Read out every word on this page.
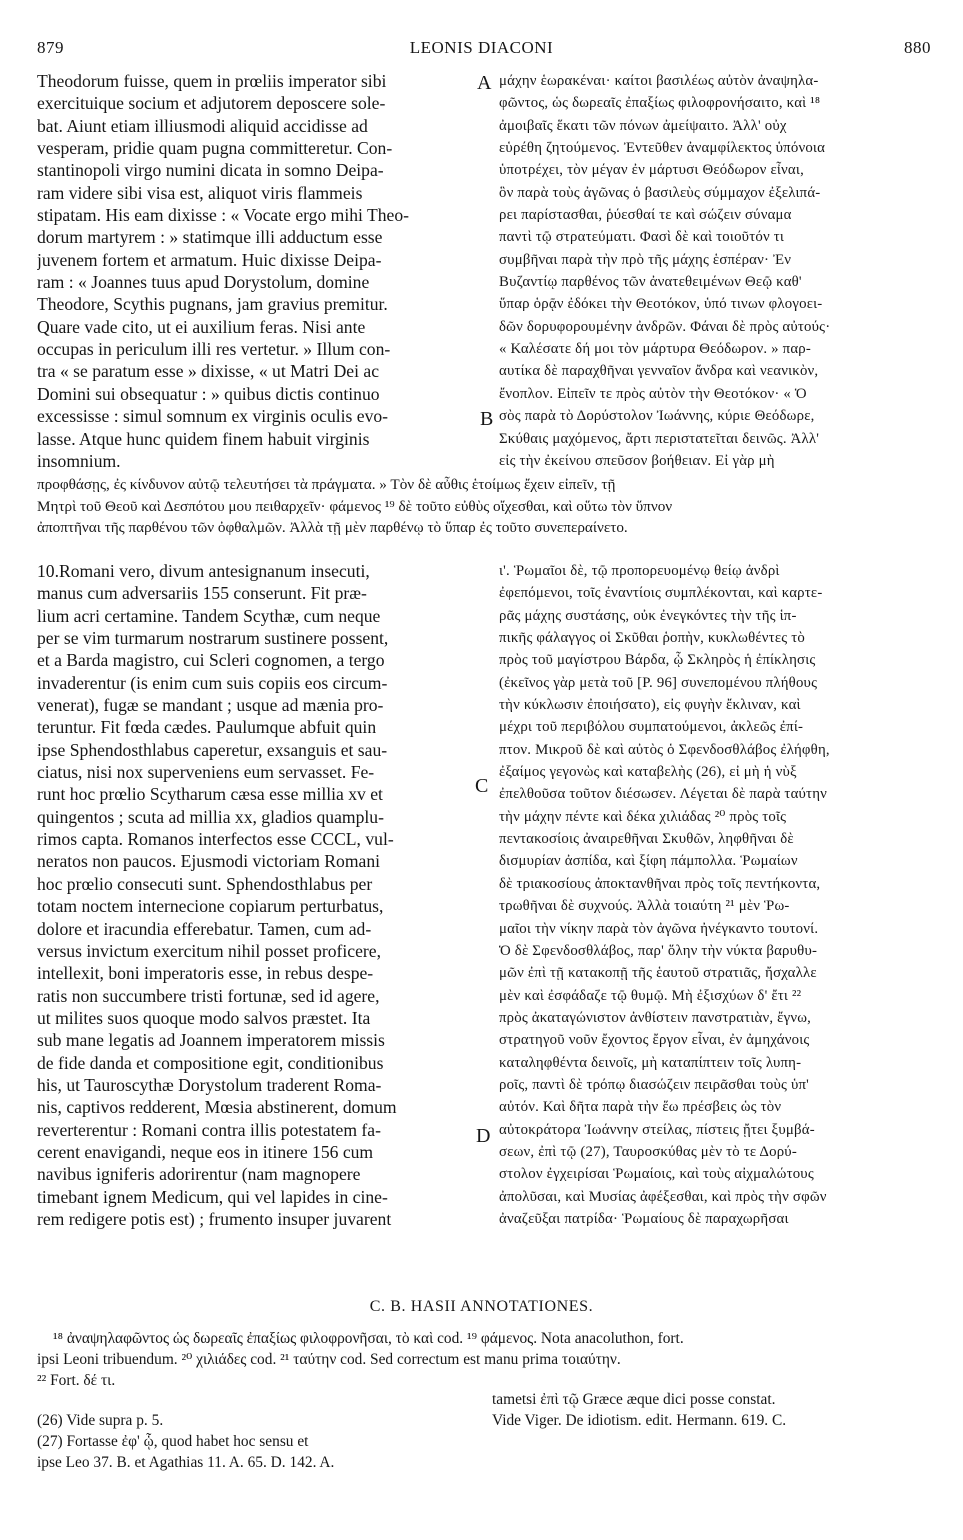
879	LEONIS DIACONI	880
A
B
C
D
Theodorum fuisse, quem in prœliis imperator sibi
exercituique socium et adjutorem deposcere sole-
bat. Aiunt etiam illiusmodi aliquid accidisse ad
vesperam, pridie quam pugna committeretur. Con-
stantinopoli virgo numini dicata in somno Deipa-
ram videre sibi visa est, aliquot viris flammeis
stipatam. His eam dixisse : « Vocate ergo mihi Theo-
dorum martyrem : » statimque illi adductum esse
juvenem fortem et armatum. Huic dixisse Deipa-
ram : « Joannes tuus apud Dorystolum, domine
Theodore, Scythis pugnans, jam gravius premitur.
Quare vade cito, ut ei auxilium feras. Nisi ante
occupas in periculum illi res vertetur. » Illum con-
tra « se paratum esse » dixisse, « ut Matri Dei ac
Domini sui obsequatur : » quibus dictis continuo
excessisse : simul somnum ex virginis oculis evo-
lasse. Atque hunc quidem finem habuit virginis
insomnium.
μάχην ἑωρακέναι· καίτοι βασιλέως αὐτὸν ἀναψηλα-
φῶντος, ὡς δωρεαῖς ἐπαξίως φιλοφρονήσαιτο, καὶ ¹⁸
ἀμοιβαῖς ἕκατι τῶν πόνων ἀμείψαιτο. Ἀλλ' οὐχ
εὑρέθη ζητούμενος. Ἐντεῦθεν ἀναμφίλεκτος ὑπόνοια
ὑποτρέχει, τὸν μέγαν ἐν μάρτυσι Θεόδωρον εἶναι,
ὃν παρὰ τοὺς ἀγῶνας ὁ βασιλεὺς σύμμαχον ἐξελιπά-
ρει παρίστασθαι, ῥύεσθαί τε καὶ σώζειν σύναμα
παντὶ τῷ στρατεύματι. Φασὶ δὲ καὶ τοιοῦτόν τι
συμβῆναι παρὰ τὴν πρὸ τῆς μάχης ἑσπέραν· Ἐν
Βυζαντίῳ παρθένος τῶν ἀνατεθειμένων Θεῷ καθ'
ὕπαρ ὁρᾷν ἐδόκει τὴν Θεοτόκον, ὑπό τινων φλογοει-
δῶν δορυφορουμένην ἀνδρῶν. Φάναι δὲ πρὸς αὐτούς·
« Καλέσατε δή μοι τὸν μάρτυρα Θεόδωρον. » παρ-
αυτίκα δὲ παραχθῆναι γενναῖον ἄνδρα καὶ νεανικὸν,
ἔνοπλον. Εἰπεῖν τε πρὸς αὐτὸν τὴν Θεοτόκον· « Ὁ
σὸς παρὰ τὸ Δορύστολον Ἰωάννης, κύριε Θεόδωρε,
Σκύθαις μαχόμενος, ἄρτι περιστατεῖται δεινῶς. Ἀλλ'
εἰς τὴν ἐκείνου σπεῦσον βοήθειαν. Εἰ γὰρ μὴ
προφθάσῃς, ἐς κίνδυνον αὐτῷ τελευτήσει τὰ πράγματα. » Τὸν δὲ αὖθις ἑτοίμως ἔχειν εἰπεῖν, τῇ
Μητρὶ τοῦ Θεοῦ καὶ Δεσπότου μου πειθαρχεῖν· φάμενος ¹⁹ δὲ τοῦτο εὐθὺς οἴχεσθαι, καὶ οὕτω τὸν ὕπνον
ἀποπτῆναι τῆς παρθένου τῶν ὀφθαλμῶν. Ἀλλὰ τῇ μὲν παρθένῳ τὸ ὕπαρ ἐς τοῦτο συνεπεραίνετο.
10.Romani vero, divum antesignanum insecuti,
manus cum adversariis 155 conserunt. Fit præ-
lium acri certamine. Tandem Scythæ, cum neque
per se vim turmarum nostrarum sustinere possent,
et a Barda magistro, cui Scleri cognomen, a tergo
invaderentur (is enim cum suis copiis eos circum-
venerat), fugæ se mandant ; usque ad mænia pro-
teruntur. Fit fœda cædes. Paulumque abfuit quin
ipse Sphendosthlabus caperetur, exsanguis et sau-
ciatus, nisi nox superveniens eum servasset. Fe-
runt hoc prœlio Scytharum cæsa esse millia xv et
quingentos ; scuta ad millia xx, gladios quamplu-
rimos capta. Romanos interfectos esse CCCL, vul-
neratos non paucos. Ejusmodi victoriam Romani
hoc prœlio consecuti sunt. Sphendosthlabus per
totam noctem internecione copiarum perturbatus,
dolore et iracundia efferebatur. Tamen, cum ad-
versus invictum exercitum nihil posset proficere,
intellexit, boni imperatoris esse, in rebus despe-
ratis non succumbere tristi fortunæ, sed id agere,
ut milites suos quoque modo salvos præstet. Ita
sub mane legatis ad Joannem imperatorem missis
de fide danda et compositione egit, conditionibus
his, ut Tauroscythæ Dorystolum traderent Roma-
nis, captivos redderent, Mœsia abstinerent, domum
reverterentur : Romani contra illis potestatem fa-
cerent enavigandi, neque eos in itinere 156 cum
navibus igniferis adorirentur (nam magnopere
timebant ignem Medicum, qui vel lapides in cine-
rem redigere potis est) ; frumento insuper juvarent
ι'. Ῥωμαῖοι δὲ, τῷ προπορευομένῳ θείῳ ἀνδρὶ
ἐφεπόμενοι, τοῖς ἐναντίοις συμπλέκονται, καὶ καρτε-
ρᾶς μάχης συστάσης, οὐκ ἐνεγκόντες τὴν τῆς ἱπ-
πικῆς φάλαγγος οἱ Σκῦθαι ῥοπὴν, κυκλωθέντες τὸ
πρὸς τοῦ μαγίστρου Βάρδα, ᾧ Σκληρὸς ἡ ἐπίκλησις
(ἐκεῖνος γὰρ μετὰ τοῦ [P. 96] συνεπομένου πλήθους
τὴν κύκλωσιν ἐποιήσατο), εἰς φυγὴν ἔκλιναν, καὶ
μέχρι τοῦ περιβόλου συμπατούμενοι, ἀκλεῶς ἐπί-
πτον. Μικροῦ δὲ καὶ αὐτὸς ὁ Σφενδοσθλάβος ἐλήφθη,
ἐξαίμος γεγονὼς καὶ καταβελὴς (26), εἰ μὴ ἡ νὺξ
ἐπελθοῦσα τοῦτον διέσωσεν. Λέγεται δὲ παρὰ ταύτην
τὴν μάχην πέντε καὶ δέκα χιλιάδας ²⁰ πρὸς τοῖς
πεντακοσίοις ἀναιρεθῆναι Σκυθῶν, ληφθῆναι δὲ
δισμυρίαν ἀσπίδα, καὶ ξίφη πάμπολλα. Ῥωμαίων
δὲ τριακοσίους ἀποκτανθῆναι πρὸς τοῖς πεντήκοντα,
τρωθῆναι δὲ συχνούς. Ἀλλὰ τοιαύτη ²¹ μὲν Ῥω-
μαῖοι τὴν νίκην παρὰ τὸν ἀγῶνα ἠνέγκαντο τουτονί.
Ὁ δὲ Σφενδοσθλάβος, παρ' ὅλην τὴν νύκτα βαρυθυ-
μῶν ἐπὶ τῇ κατακοπῇ τῆς ἑαυτοῦ στρατιᾶς, ἤσχαλλε
μὲν καὶ ἐσφάδαζε τῷ θυμῷ. Μὴ ἐξισχύων δ' ἔτι ²²
πρὸς ἀκαταγώνιστον ἀνθίστειν πανστρατιὰν, ἔγνω,
στρατηγοῦ νοῦν ἔχοντος ἔργον εἶναι, ἐν ἀμηχάνοις
καταληφθέντα δεινοῖς, μὴ καταπίπτειν τοῖς λυπη-
ροῖς, παντὶ δὲ τρόπῳ διασώζειν πειρᾶσθαι τοὺς ὑπ'
αὐτόν. Καὶ δῆτα παρὰ τὴν ἕω πρέσβεις ὡς τὸν
αὐτοκράτορα Ἰωάννην στείλας, πίστεις ᾔτει ξυμβά-
σεων, ἐπὶ τῷ (27), Ταυροσκύθας μὲν τὸ τε Δορύ-
στολον ἐγχειρίσαι Ῥωμαίοις, καὶ τοὺς αἰχμαλώτους
ἀπολῦσαι, καὶ Μυσίας ἀφέξεσθαι, καὶ πρὸς τὴν σφῶν
ἀναζεῦξαι πατρίδα· Ῥωμαίους δὲ παραχωρῆσαι
C. B. HASII ANNOTATIONES.
¹⁸ ἀναψηλαφῶντος ὡς δωρεαῖς ἐπαξίως φιλοφρονῆσαι, τὸ καὶ cod. ¹⁹ φάμενος. Nota anacoluthon, fort.
ipsi Leoni tribuendum. ²⁰ χιλιάδες cod. ²¹ ταύτην cod. Sed correctum est manu prima τοιαύτην.
²² Fort. δέ τι.
(26) Vide supra p. 5.
(27) Fortasse ἐφ' ᾧ, quod habet hoc sensu et
ipse Leo 37. B. et Agathias 11. A. 65. D. 142. A.
tametsi ἐπὶ τῷ Græce æque dici posse constat.
Vide Viger. De idiotism. edit. Hermann. 619. C.
